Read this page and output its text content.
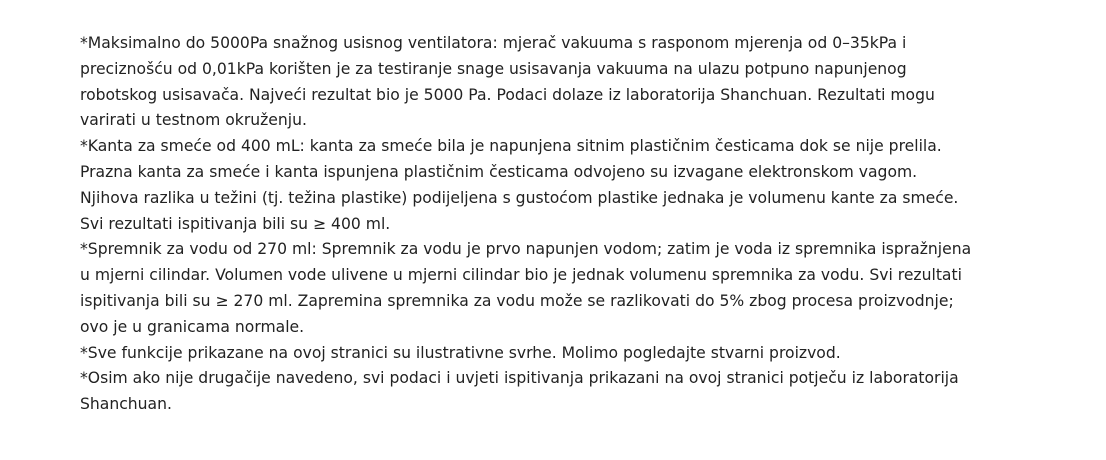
*Maksimalno do 5000Pa snažnog usisnog ventilatora: mjerač vakuuma s rasponom mjerenja od 0–35kPa i
preciznošću od 0,01kPa korišten je za testiranje snage usisavanja vakuuma na ulazu potpuno napunjenog
robotskog usisavača. Najveći rezultat bio je 5000 Pa. Podaci dolaze iz laboratorija Shanchuan. Rezultati mogu
varirati u testnom okruženju.
*Kanta za smeće od 400 mL: kanta za smeće bila je napunjena sitnim plastičnim česticama dok se nije prelila.
Prazna kanta za smeće i kanta ispunjena plastičnim česticama odvojeno su izvagane elektronskom vagom.
Njihova razlika u težini (tj. težina plastike) podijeljena s gustoćom plastike jednaka je volumenu kante za smeće.
Svi rezultati ispitivanja bili su ≥ 400 ml.
*Spremnik za vodu od 270 ml: Spremnik za vodu je prvo napunjen vodom; zatim je voda iz spremnika ispražnjena
u mjerni cilindar. Volumen vode ulivene u mjerni cilindar bio je jednak volumenu spremnika za vodu. Svi rezultati
ispitivanja bili su ≥ 270 ml. Zapremina spremnika za vodu može se razlikovati do 5% zbog procesa proizvodnje;
ovo je u granicama normale.
*Sve funkcije prikazane na ovoj stranici su ilustrativne svrhe. Molimo pogledajte stvarni proizvod.
*Osim ako nije drugačije navedeno, svi podaci i uvjeti ispitivanja prikazani na ovoj stranici potječu iz laboratorija
Shanchuan.
